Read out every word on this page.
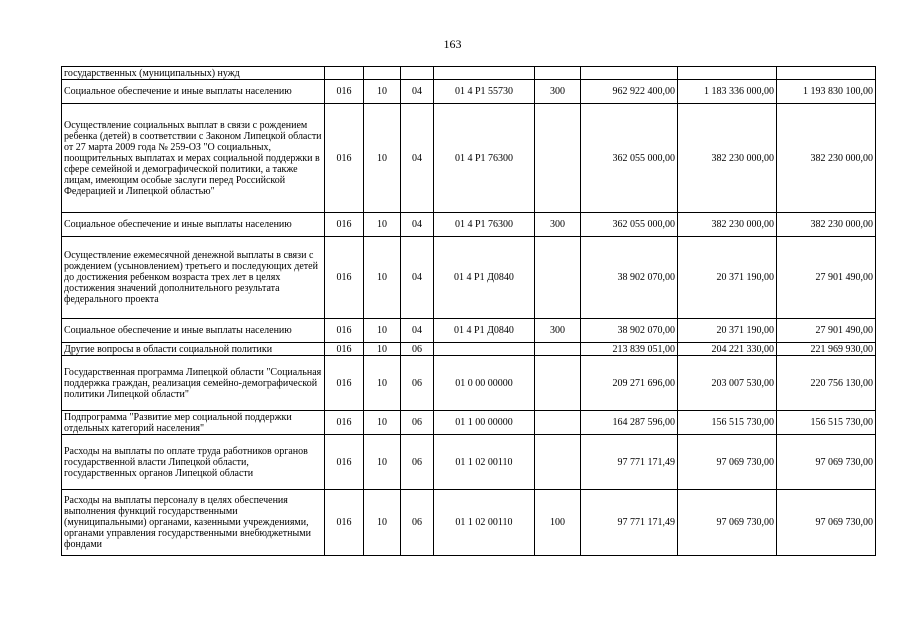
163
государственных (муниципальных) нужд								
Социальное обеспечение и иные выплаты населению	016	10	04	01 4 Р1 55730	300	962 922 400,00	1 183 336 000,00	1 193 830 100,00
Осуществление социальных выплат в связи с рождением ребенка (детей) в соответствии с Законом Липецкой области от 27 марта 2009 года № 259-ОЗ "О социальных, поощрительных выплатах и мерах социальной поддержки в сфере семейной и демографической политики, а также лицам, имеющим особые заслуги перед Российской Федерацией и Липецкой областью"	016	10	04	01 4 Р1 76300		362 055 000,00	382 230 000,00	382 230 000,00
Социальное обеспечение и иные выплаты населению	016	10	04	01 4 Р1 76300	300	362 055 000,00	382 230 000,00	382 230 000,00
Осуществление ежемесячной денежной выплаты в связи с рождением (усыновлением) третьего и последующих детей до достижения ребенком возраста трех лет в целях достижения значений дополнительного результата федерального проекта	016	10	04	01 4 Р1 Д0840		38 902 070,00	20 371 190,00	27 901 490,00
Социальное обеспечение и иные выплаты населению	016	10	04	01 4 Р1 Д0840	300	38 902 070,00	20 371 190,00	27 901 490,00
Другие вопросы в области социальной политики	016	10	06			213 839 051,00	204 221 330,00	221 969 930,00
Государственная программа Липецкой области "Социальная поддержка граждан, реализация семейно-демографической политики Липецкой области"	016	10	06	01 0 00 00000		209 271 696,00	203 007 530,00	220 756 130,00
Подпрограмма "Развитие мер социальной поддержки отдельных категорий населения"	016	10	06	01 1 00 00000		164 287 596,00	156 515 730,00	156 515 730,00
Расходы на выплаты по оплате труда работников органов государственной власти Липецкой области, государственных органов Липецкой области	016	10	06	01 1 02 00110		97 771 171,49	97 069 730,00	97 069 730,00
Расходы на выплаты персоналу в целях обеспечения выполнения функций государственными (муниципальными) органами, казенными учреждениями, органами управления государственными внебюджетными фондами	016	10	06	01 1 02 00110	100	97 771 171,49	97 069 730,00	97 069 730,00
